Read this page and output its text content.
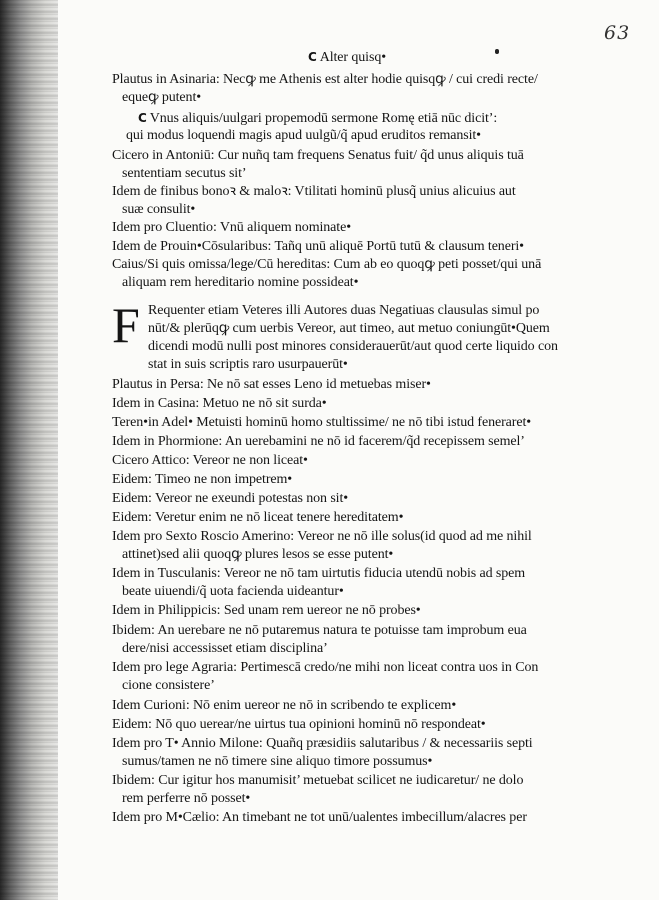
63
C Alter quisq•
Plautus in Asinaria: Necꝙ me Athenis est alter hodie quisqꝙ / cui credi recte/
equeꝙ putent•
C Vnus aliquis/uulgari propemodū sermone Romę etiā nūc dicit’:
qui modus loquendi magis apud uulgũ/q̃ apud eruditos remansit•
Cicero in Antoniū: Cur nuñq tam frequens Senatus fuit/ q̃d unus aliquis tuā
sententiam secutus sit’
Idem de finibus bonoꝛ & maloꝛ: Vtilitati hominū plusq̃ unius alicuius aut
suæ consulit•
Idem pro Cluentio: Vnū aliquem nominate•
Idem de Prouin•Cōsularibus: Tañq unū aliquē Portū tutū & clausum teneri•
Caius/Si quis omissa/lege/Cū hereditas: Cum ab eo quoqꝙ peti posset/qui unā
aliquam rem hereditario nomine possideat•
F Requenter etiam Veteres illi Autores duas Negatiuas clausulas simul po
nūt/& plerūqꝙ cum uerbis Vereor, aut timeo, aut metuo coniungūt•Quem
dicendi modū nulli post minores considerauerūt/aut quod certe liquido con
stat in suis scriptis raro usurpauerūt•
Plautus in Persa: Ne nō sat esses Leno id metuebas miser•
Idem in Casina: Metuo ne nō sit surda•
Teren•in Adel• Metuisti hominū homo stultissime/ ne nō tibi istud feneraret•
Idem in Phormione: An uerebamini ne nō id facerem/q̃d recepissem semel’
Cicero Attico: Vereor ne non liceat•
Eidem: Timeo ne non impetrem•
Eidem: Vereor ne exeundi potestas non sit•
Eidem: Veretur enim ne nō liceat tenere hereditatem•
Idem pro Sexto Roscio Amerino: Vereor ne nō ille solus(id quod ad me nihil
attinet)sed alii quoqꝙ plures lesos se esse putent•
Idem in Tusculanis: Vereor ne nō tam uirtutis fiducia utendū nobis ad spem
beate uiuendi/q̃ uota facienda uideantur•
Idem in Philippicis: Sed unam rem uereor ne nō probes•
Ibidem: An uerebare ne nō putaremus natura te potuisse tam improbum eua
dere/nisi accessisset etiam disciplina’
Idem pro lege Agraria: Pertimescā credo/ne mihi non liceat contra uos in Con
cione consistere’
Idem Curioni: Nō enim uereor ne nō in scribendo te explicem•
Eidem: Nō quo uerear/ne uirtus tua opinioni hominū nō respondeat•
Idem pro T• Annio Milone: Quañq præsidiis salutaribus / & necessariis septi
sumus/tamen ne nō timere sine aliquo timore possumus•
Ibidem: Cur igitur hos manumisit’ metuebat scilicet ne iudicaretur/ ne dolo
rem perferre nō posset•
Idem pro M•Cælio: An timebant ne tot unū/ualentes imbecillum/alacres per
